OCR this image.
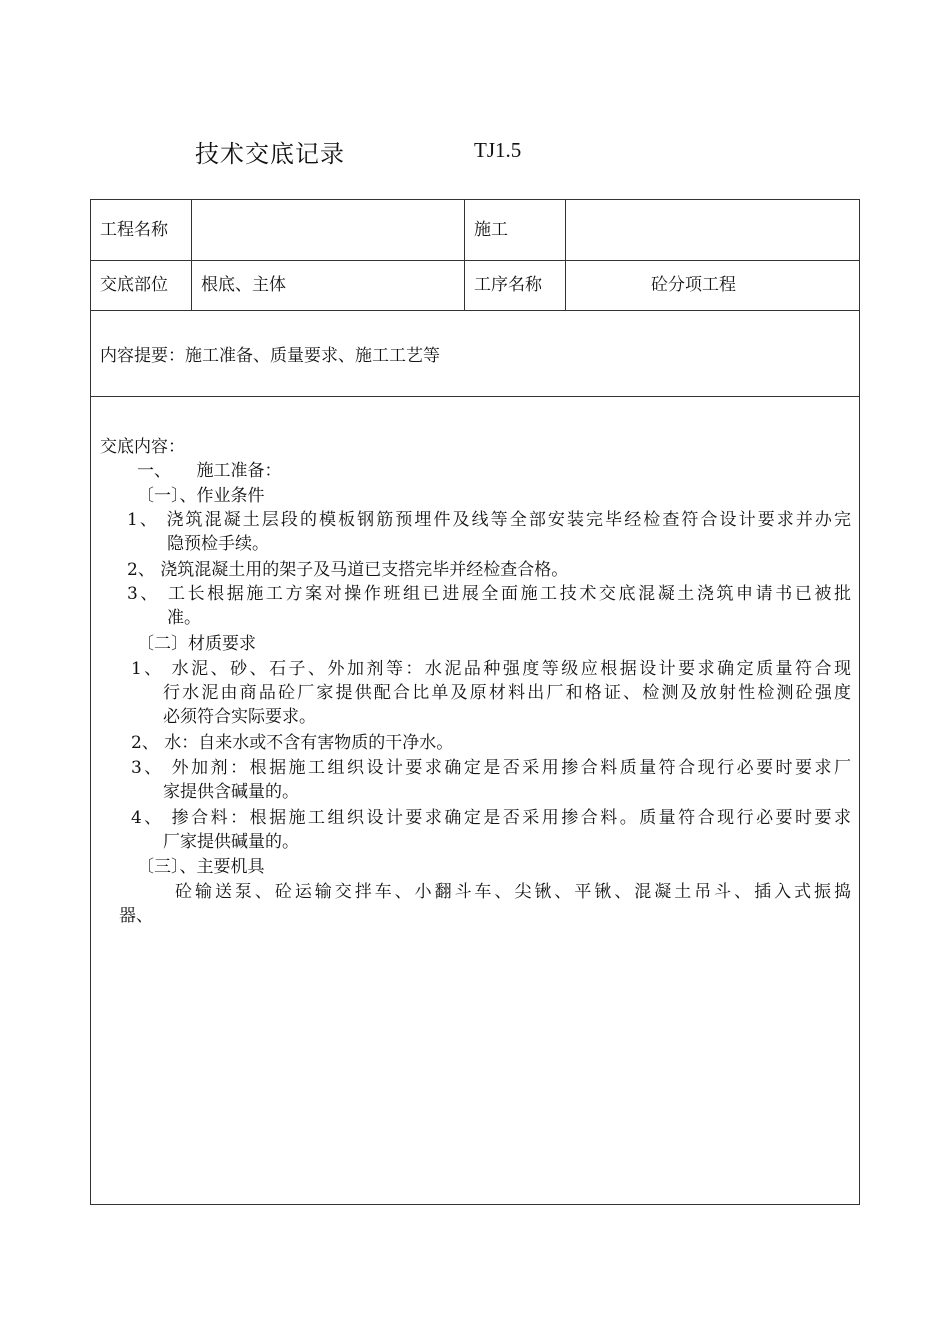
技术交底记录	TJ1.5
工程名称	施工
交底部位 根底、主体	工序名称	砼分项工程
内容提要：施工准备、质量要求、施工工艺等
交底内容：
一、　　施工准备：
〔一〕、作业条件
1、 浇筑混凝土层段的模板钢筋预埋件及线等全部安装完毕经检查符合设计要求并办完
隐预检手续。
2、 浇筑混凝土用的架子及马道已支搭完毕并经检查合格。
3、 工长根据施工方案对操作班组已进展全面施工技术交底混凝土浇筑申请书已被批
准。
〔二〕材质要求
1、 水泥、砂、石子、外加剂等：水泥品种强度等级应根据设计要求确定质量符合现
行水泥由商品砼厂家提供配合比单及原材料出厂和格证、检测及放射性检测砼强度
必须符合实际要求。
2、 水：自来水或不含有害物质的干净水。
3、 外加剂：根据施工组织设计要求确定是否采用掺合料质量符合现行必要时要求厂
家提供含碱量的。
4、 掺合料：根据施工组织设计要求确定是否采用掺合料。质量符合现行必要时要求
厂家提供碱量的。
〔三〕、主要机具
砼输送泵、砼运输交拌车、小翻斗车、尖锹、平锹、混凝土吊斗、插入式振捣
器、
